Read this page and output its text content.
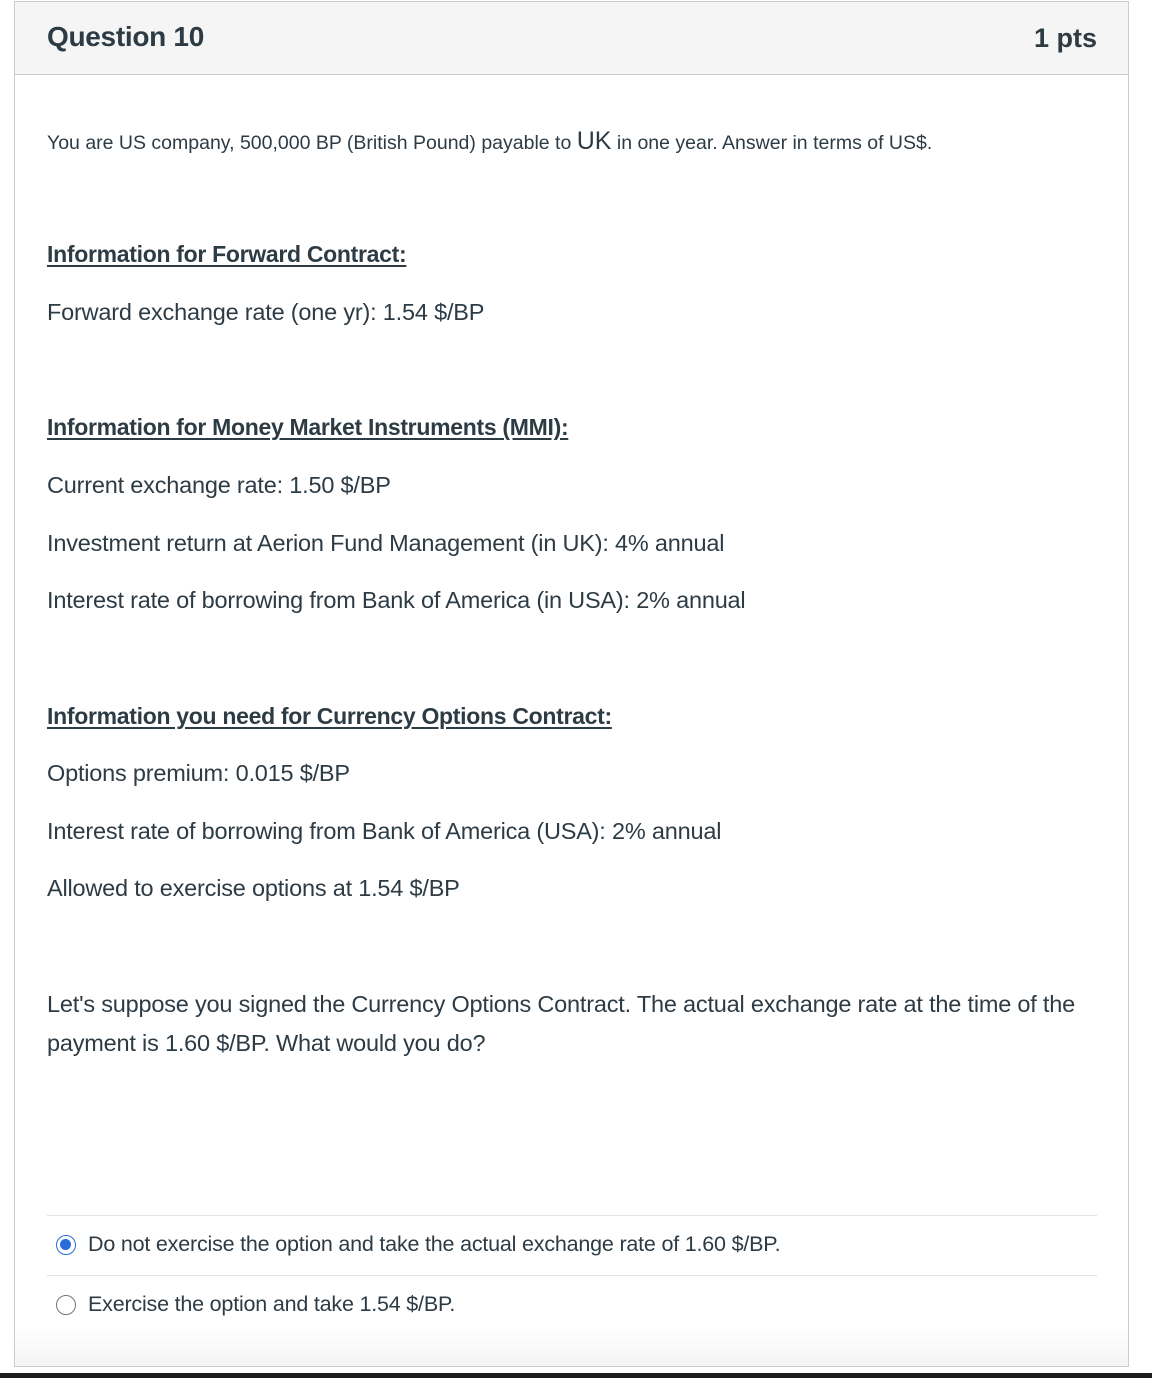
Question 10	1 pts
You are US company, 500,000 BP (British Pound) payable to UK in one year. Answer in terms of US$.
Information for Forward Contract:
Forward exchange rate (one yr): 1.54 $/BP
Information for Money Market Instruments (MMI):
Current exchange rate: 1.50 $/BP
Investment return at Aerion Fund Management (in UK): 4% annual
Interest rate of borrowing from Bank of America (in USA): 2% annual
Information you need for Currency Options Contract:
Options premium: 0.015 $/BP
Interest rate of borrowing from Bank of America (USA): 2% annual
Allowed to exercise options at 1.54 $/BP
Let's suppose you signed the Currency Options Contract. The actual exchange rate at the time of the payment is 1.60 $/BP. What would you do?
Do not exercise the option and take the actual exchange rate of 1.60 $/BP.
Exercise the option and take 1.54 $/BP.
